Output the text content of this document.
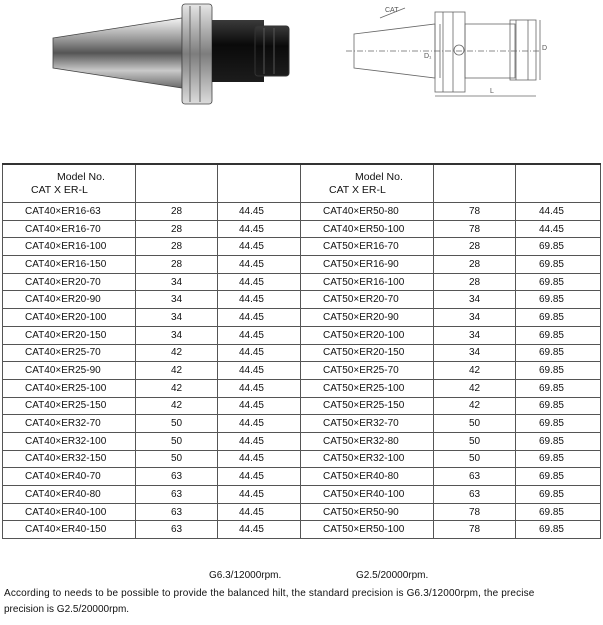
CAT
D₁
D
L
Model No.
CAT X ER-L			Model No.
CAT X ER-L		

CAT40×ER16-63	28	44.45	CAT40×ER50-80	78	44.45
CAT40×ER16-70	28	44.45	CAT40×ER50-100	78	44.45
CAT40×ER16-100	28	44.45	CAT50×ER16-70	28	69.85
CAT40×ER16-150	28	44.45	CAT50×ER16-90	28	69.85
CAT40×ER20-70	34	44.45	CAT50×ER16-100	28	69.85
CAT40×ER20-90	34	44.45	CAT50×ER20-70	34	69.85
CAT40×ER20-100	34	44.45	CAT50×ER20-90	34	69.85
CAT40×ER20-150	34	44.45	CAT50×ER20-100	34	69.85
CAT40×ER25-70	42	44.45	CAT50×ER20-150	34	69.85
CAT40×ER25-90	42	44.45	CAT50×ER25-70	42	69.85
CAT40×ER25-100	42	44.45	CAT50×ER25-100	42	69.85
CAT40×ER25-150	42	44.45	CAT50×ER25-150	42	69.85
CAT40×ER32-70	50	44.45	CAT50×ER32-70	50	69.85
CAT40×ER32-100	50	44.45	CAT50×ER32-80	50	69.85
CAT40×ER32-150	50	44.45	CAT50×ER32-100	50	69.85
CAT40×ER40-70	63	44.45	CAT50×ER40-80	63	69.85
CAT40×ER40-80	63	44.45	CAT50×ER40-100	63	69.85
CAT40×ER40-100	63	44.45	CAT50×ER50-90	78	69.85
CAT40×ER40-150	63	44.45	CAT50×ER50-100	78	69.85
G6.3/12000rpm.	G2.5/20000rpm.
According to needs to be possible to provide the balanced hilt, the standard precision is G6.3/12000rpm, the precise
precision is G2.5/20000rpm.
